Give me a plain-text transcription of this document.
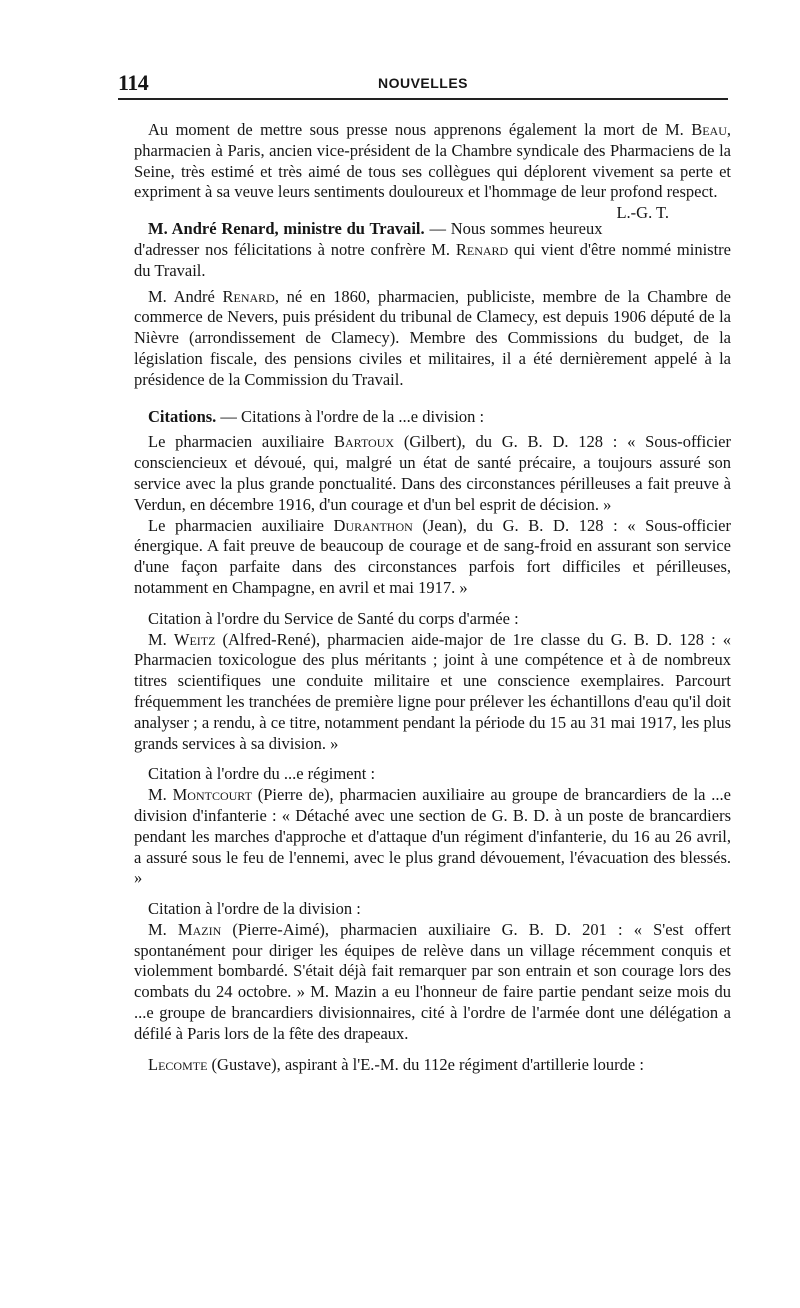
114	NOUVELLES

Au moment de mettre sous presse nous apprenons également la mort de M. Beau, pharmacien à Paris, ancien vice-président de la Chambre syndicale des Pharmaciens de la Seine, très estimé et très aimé de tous ses collègues qui déplorent vivement sa perte et expriment à sa veuve leurs sentiments douloureux et l'hommage de leur profond respect.
L.-G. T.

M. André Renard, ministre du Travail. — Nous sommes heureux d'adresser nos félicitations à notre confrère M. Renard qui vient d'être nommé ministre du Travail.

M. André Renard, né en 1860, pharmacien, publiciste, membre de la Chambre de commerce de Nevers, puis président du tribunal de Clamecy, est depuis 1906 député de la Nièvre (arrondissement de Clamecy). Membre des Commissions du budget, de la législation fiscale, des pensions civiles et militaires, il a été dernièrement appelé à la présidence de la Commission du Travail.

Citations. — Citations à l'ordre de la ...e division :

Le pharmacien auxiliaire Bartoux (Gilbert), du G. B. D. 128 : « Sous-officier consciencieux et dévoué, qui, malgré un état de santé précaire, a toujours assuré son service avec la plus grande ponctualité. Dans des circonstances périlleuses a fait preuve à Verdun, en décembre 1916, d'un courage et d'un bel esprit de décision. »

Le pharmacien auxiliaire Duranthon (Jean), du G. B. D. 128 : « Sous-officier énergique. A fait preuve de beaucoup de courage et de sang-froid en assurant son service d'une façon parfaite dans des circonstances parfois fort difficiles et périlleuses, notamment en Champagne, en avril et mai 1917. »

Citation à l'ordre du Service de Santé du corps d'armée :

M. Weitz (Alfred-René), pharmacien aide-major de 1re classe du G. B. D. 128 : « Pharmacien toxicologue des plus méritants ; joint à une compétence et à de nombreux titres scientifiques une conduite militaire et une conscience exemplaires. Parcourt fréquemment les tranchées de première ligne pour prélever les échantillons d'eau qu'il doit analyser ; a rendu, à ce titre, notamment pendant la période du 15 au 31 mai 1917, les plus grands services à sa division. »

Citation à l'ordre du ...e régiment :

M. Montcourt (Pierre de), pharmacien auxiliaire au groupe de brancardiers de la ...e division d'infanterie : « Détaché avec une section de G. B. D. à un poste de brancardiers pendant les marches d'approche et d'attaque d'un régiment d'infanterie, du 16 au 26 avril, a assuré sous le feu de l'ennemi, avec le plus grand dévouement, l'évacuation des blessés. »

Citation à l'ordre de la division :

M. Mazin (Pierre-Aimé), pharmacien auxiliaire G. B. D. 201 : « S'est offert spontanément pour diriger les équipes de relève dans un village récemment conquis et violemment bombardé. S'était déjà fait remarquer par son entrain et son courage lors des combats du 24 octobre. » M. Mazin a eu l'honneur de faire partie pendant seize mois du ...e groupe de brancardiers divisionnaires, cité à l'ordre de l'armée dont une délégation a défilé à Paris lors de la fête des drapeaux.

Lecomte (Gustave), aspirant à l'E.-M. du 112e régiment d'artillerie lourde :
